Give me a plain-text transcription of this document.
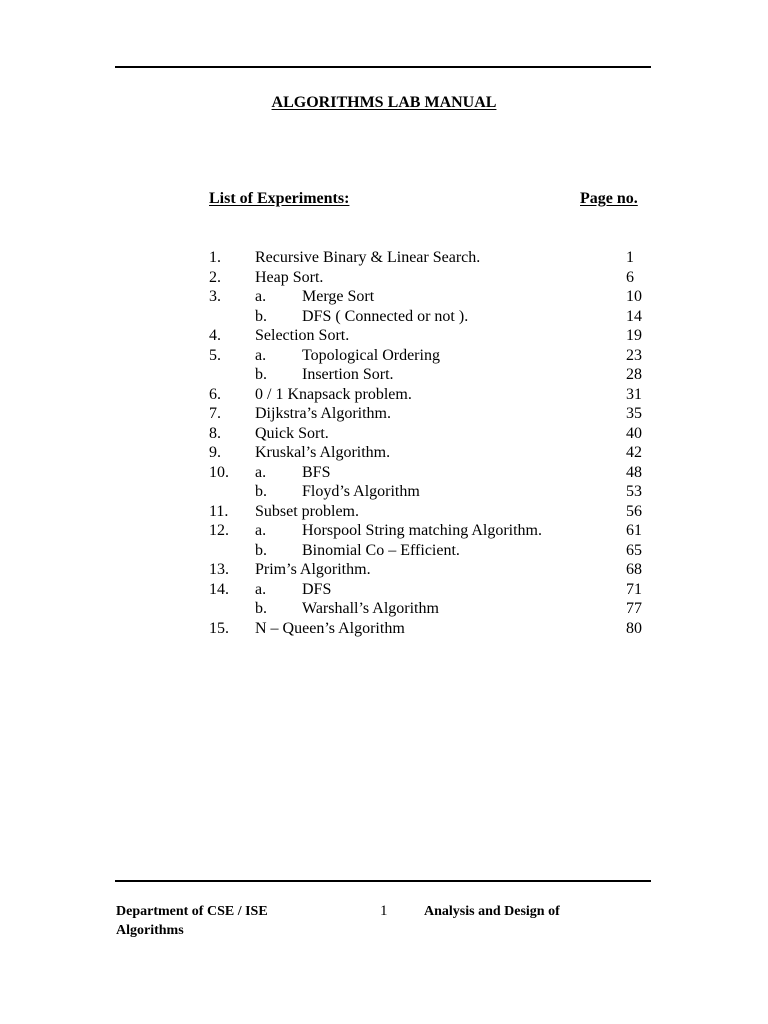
ALGORITHMS LAB MANUAL
List of Experiments:	Page no.
1. Recursive Binary & Linear Search.	1
2. Heap Sort.	6
3. a. Merge Sort	10
b. DFS ( Connected or not ).	14
4. Selection Sort.	19
5. a. Topological Ordering	23
b. Insertion Sort.	28
6. 0 / 1 Knapsack problem.	31
7. Dijkstra’s Algorithm.	35
8. Quick Sort.	40
9. Kruskal’s Algorithm.	42
10. a. BFS	48
b. Floyd’s Algorithm	53
11. Subset problem.	56
12. a. Horspool String matching Algorithm.	61
b. Binomial Co – Efficient.	65
13. Prim’s Algorithm.	68
14. a. DFS	71
b. Warshall’s Algorithm	77
15. N – Queen’s Algorithm	80
Department of CSE / ISE	1	Analysis and Design of
Algorithms
